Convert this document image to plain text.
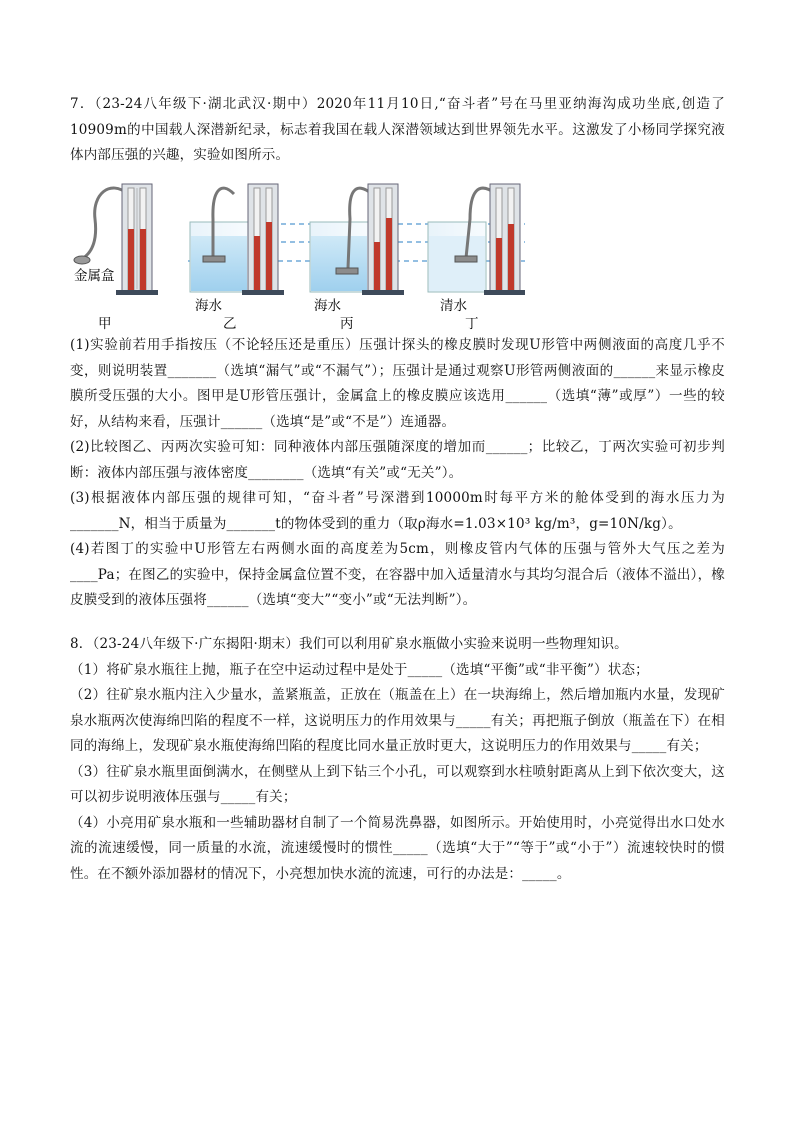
7．（23-24八年级下·湖北武汉·期中）2020年11月10日,“奋斗者”号在马里亚纳海沟成功坐底,创造了10909m的中国载人深潜新纪录，标志着我国在载人深潜领域达到世界领先水平。这激发了小杨同学探究液体内部压强的兴趣，实验如图所示。

金属盒
海水	海水	清水
甲	乙	丙	丁

(1)实验前若用手指按压（不论轻压还是重压）压强计探头的橡皮膜时发现U形管中两侧液面的高度几乎不变，则说明装置_______（选填“漏气”或“不漏气”）；压强计是通过观察U形管两侧液面的______来显示橡皮膜所受压强的大小。图甲是U形管压强计，金属盒上的橡皮膜应该选用______（选填“薄”或厚”）一些的较好，从结构来看，压强计______（选填“是”或“不是”）连通器。

(2)比较图乙、丙两次实验可知：同种液体内部压强随深度的增加而______；比较乙，丁两次实验可初步判断：液体内部压强与液体密度________（选填“有关”或“无关”）。

(3)根据液体内部压强的规律可知，“奋斗者”号深潜到10000m时每平方米的舱体受到的海水压力为_______N，相当于质量为_______t的物体受到的重力（取ρ海水=1.03×10³ kg/m³，g=10N/kg）。

(4)若图丁的实验中U形管左右两侧水面的高度差为5cm，则橡皮管内气体的压强与管外大气压之差为____Pa；在图乙的实验中，保持金属盒位置不变，在容器中加入适量清水与其均匀混合后（液体不溢出），橡皮膜受到的液体压强将______（选填“变大”“变小”或“无法判断”）。

8．（23-24八年级下·广东揭阳·期末）我们可以利用矿泉水瓶做小实验来说明一些物理知识。

（1）将矿泉水瓶往上抛，瓶子在空中运动过程中是处于_____（选填“平衡”或“非平衡”）状态；

（2）往矿泉水瓶内注入少量水，盖紧瓶盖，正放在（瓶盖在上）在一块海绵上，然后增加瓶内水量，发现矿泉水瓶两次使海绵凹陷的程度不一样，这说明压力的作用效果与_____有关；再把瓶子倒放（瓶盖在下）在相同的海绵上，发现矿泉水瓶使海绵凹陷的程度比同水量正放时更大，这说明压力的作用效果与_____有关；

（3）往矿泉水瓶里面倒满水，在侧壁从上到下钻三个小孔，可以观察到水柱喷射距离从上到下依次变大，这可以初步说明液体压强与_____有关；

（4）小亮用矿泉水瓶和一些辅助器材自制了一个简易洗鼻器，如图所示。开始使用时，小亮觉得出水口处水流的流速缓慢，同一质量的水流，流速缓慢时的惯性_____（选填“大于”“等于”或“小于”）流速较快时的惯性。在不额外添加器材的情况下，小亮想加快水流的流速，可行的办法是：_____。
